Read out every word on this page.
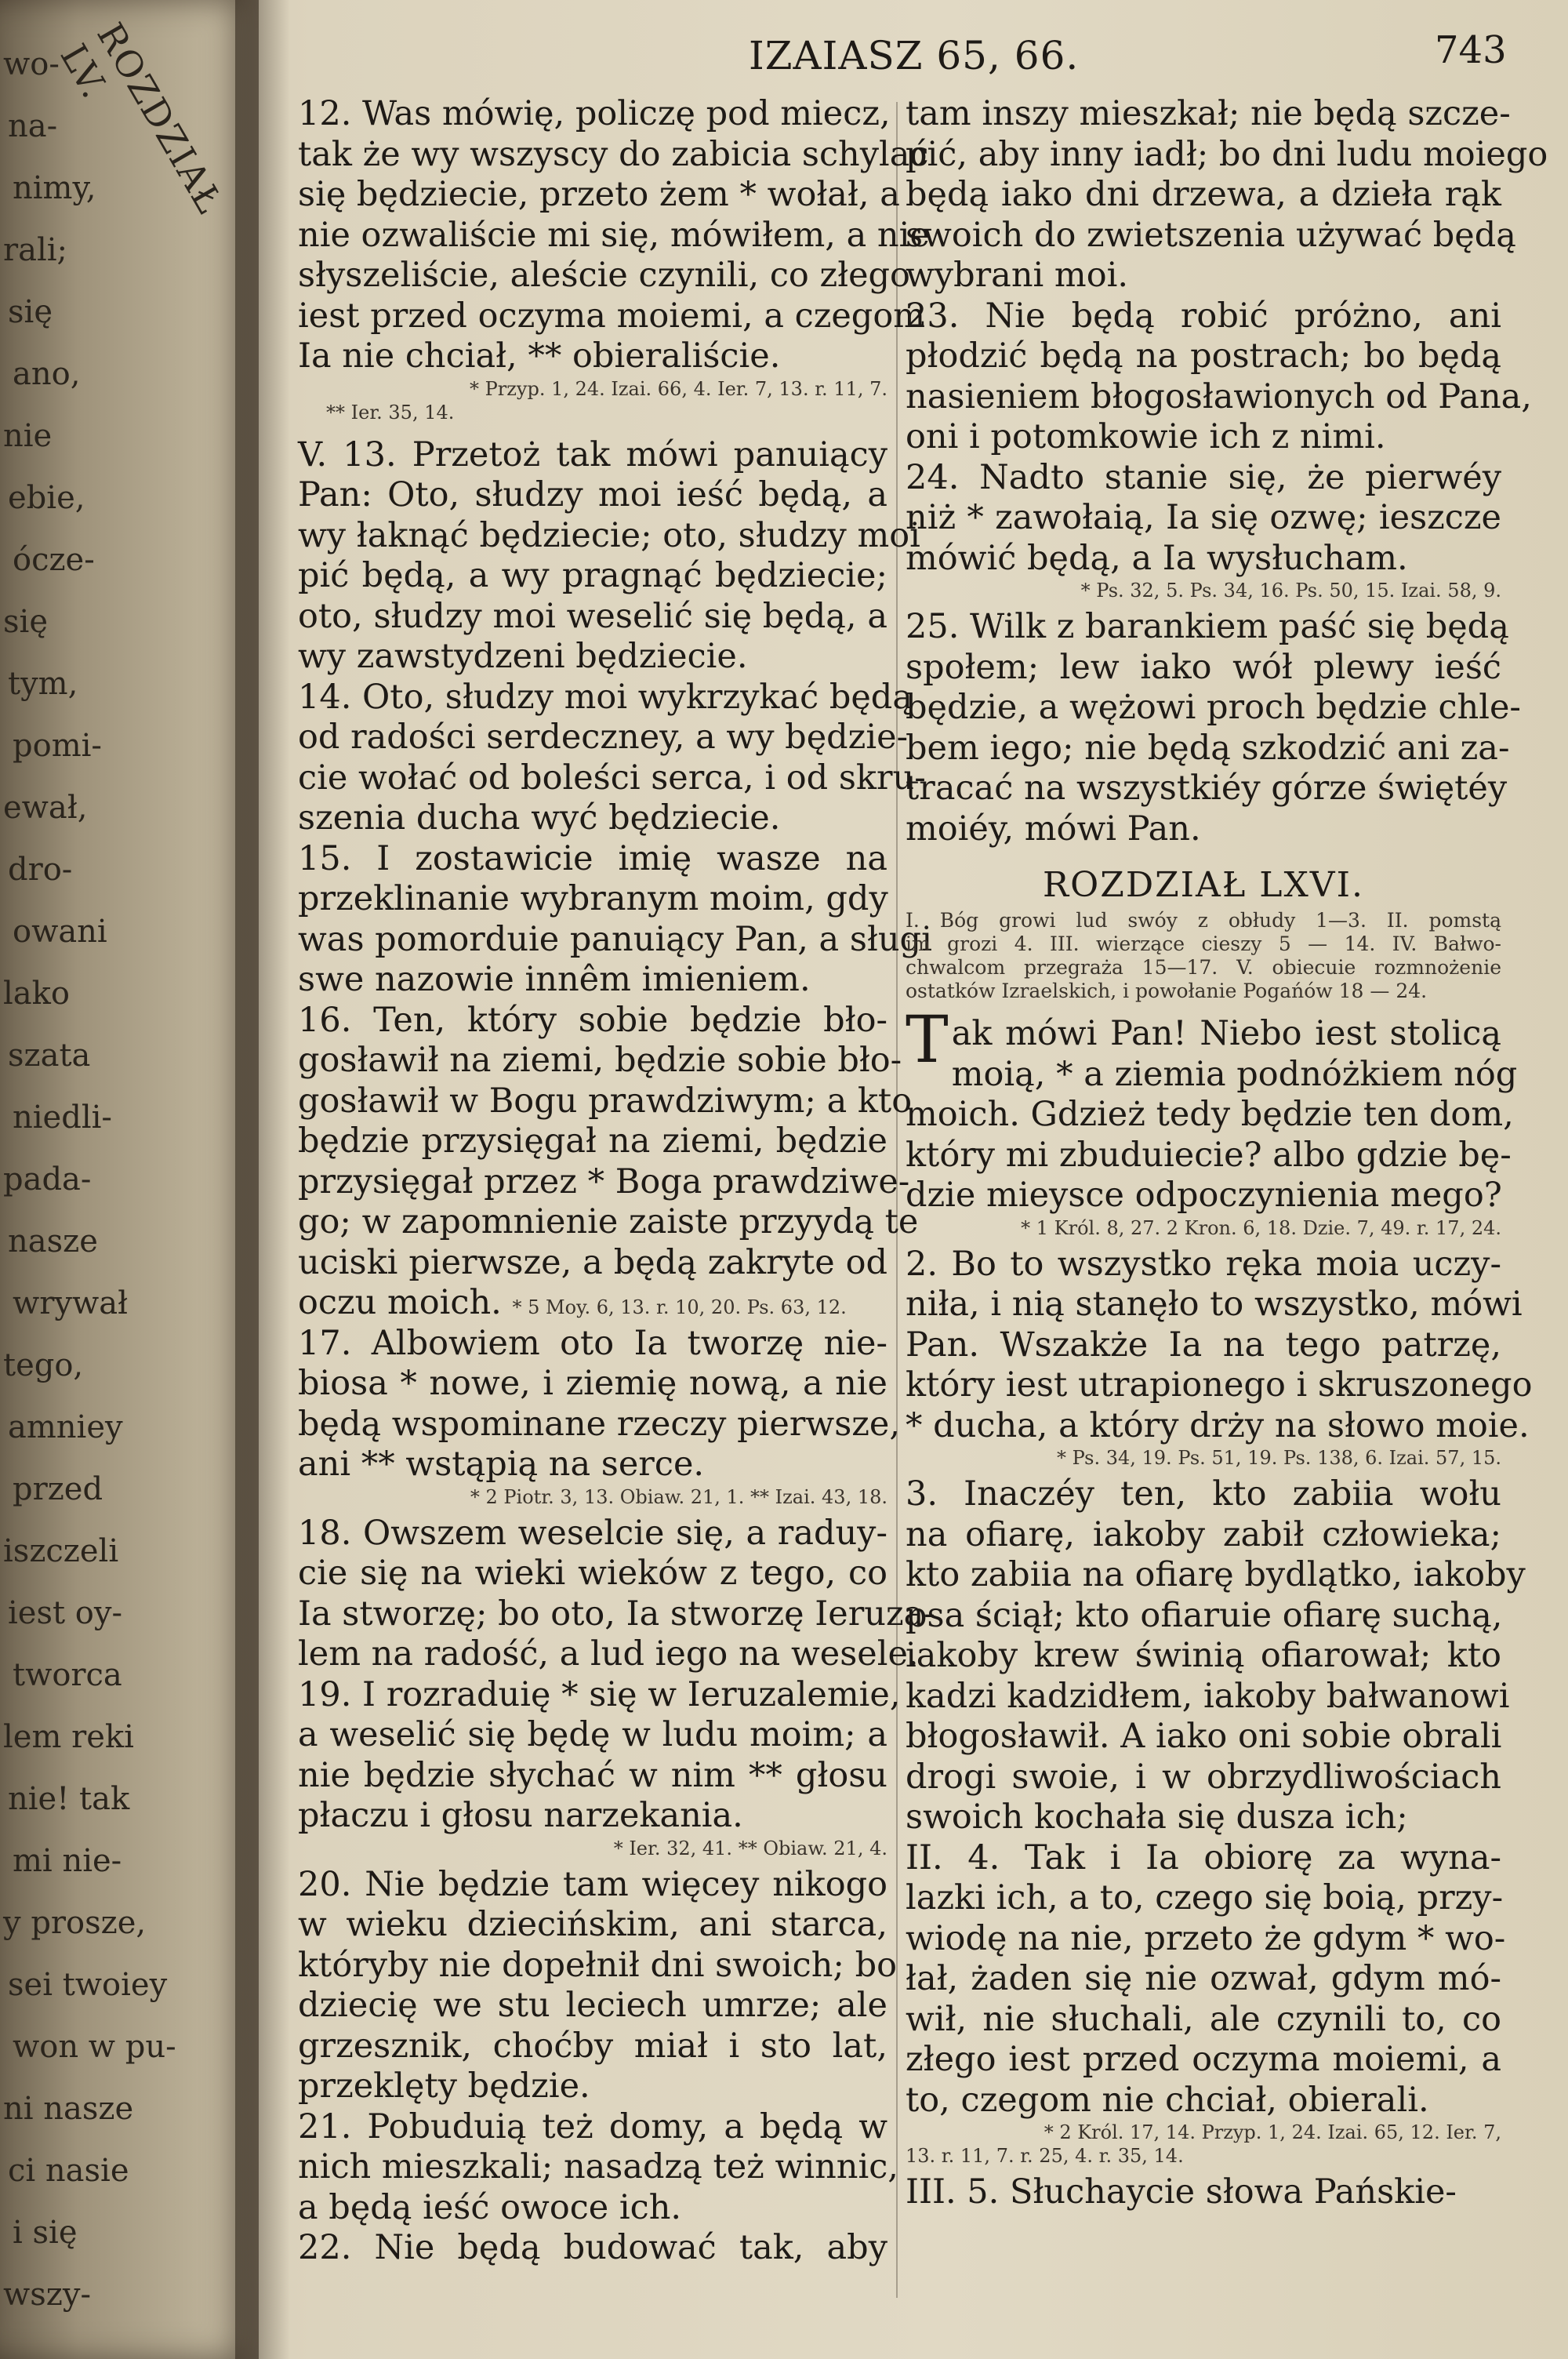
ROZDZIAŁ LV.
wo-
na-
nimy,
rali;
się
ano,
nie
ebie,
ócze-
się
tym,
pomi-
ewał,
dro-
owani
lako
szata
niedli-
pada-
nasze
wrywał
tego,
amniey
przed
iszczeli
iest oy-
tworca
lem reki
nie! tak
mi nie-
y prosze,
sei twoiey
won w pu-
ni nasze
ci nasie
i się
wszy-
IZAIASZ 65, 66.	743
12. Was mówię, policzę pod miecz,
tak że wy wszyscy do zabicia schylać
się będziecie, przeto żem * wołał, a
nie ozwaliście mi się, mówiłem, a nie
słyszeliście, aleście czynili, co złego
iest przed oczyma moiemi, a czegom
Ia nie chciał, ** obieraliście.
* Przyp. 1, 24. Izai. 66, 4. Ier. 7, 13. r. 11, 7.
** Ier. 35, 14.
V. 13. Przetoż tak mówi panuiący
Pan: Oto, słudzy moi ieść będą, a
wy łaknąć będziecie; oto, słudzy moi
pić będą, a wy pragnąć będziecie;
oto, słudzy moi weselić się będą, a
wy zawstydzeni będziecie.
14. Oto, słudzy moi wykrzykać będą
od radości serdeczney, a wy będzie-
cie wołać od boleści serca, i od skru-
szenia ducha wyć będziecie.
15. I zostawicie imię wasze na
przeklinanie wybranym moim, gdy
was pomorduie panuiący Pan, a sługi
swe nazowie innêm imieniem.
16. Ten, który sobie będzie bło-
gosławił na ziemi, będzie sobie bło-
gosławił w Bogu prawdziwym; a kto
będzie przysięgał na ziemi, będzie
przysięgał przez * Boga prawdziwe-
go; w zapomnienie zaiste przyydą te
uciski pierwsze, a będą zakryte od
oczu moich. * 5 Moy. 6, 13. r. 10, 20. Ps. 63, 12.
17. Albowiem oto Ia tworzę nie-
biosa * nowe, i ziemię nową, a nie
będą wspominane rzeczy pierwsze,
ani ** wstąpią na serce.
* 2 Piotr. 3, 13. Obiaw. 21, 1. ** Izai. 43, 18.
18. Owszem weselcie się, a raduy-
cie się na wieki wieków z tego, co
Ia stworzę; bo oto, Ia stworzę Ieruza-
lem na radość, a lud iego na wesele.
19. I rozraduię * się w Ieruzalemie,
a weselić się będę w ludu moim; a
nie będzie słychać w nim ** głosu
płaczu i głosu narzekania.
* Ier. 32, 41. ** Obiaw. 21, 4.
20. Nie będzie tam więcey nikogo
w wieku dziecińskim, ani starca,
któryby nie dopełnił dni swoich; bo
dziecię we stu leciech umrze; ale
grzesznik, choćby miał i sto lat,
przeklęty będzie.
21. Pobuduią też domy, a będą w
nich mieszkali; nasadzą też winnic,
a będą ieść owoce ich.
22. Nie będą budować tak, aby
tam inszy mieszkał; nie będą szcze-
pić, aby inny iadł; bo dni ludu moiego
będą iako dni drzewa, a dzieła rąk
swoich do zwietszenia używać będą
wybrani moi.
23. Nie będą robić próżno, ani
płodzić będą na postrach; bo będą
nasieniem błogosławionych od Pana,
oni i potomkowie ich z nimi.
24. Nadto stanie się, że pierwéy
niż * zawołaią, Ia się ozwę; ieszcze
mówić będą, a Ia wysłucham.
* Ps. 32, 5. Ps. 34, 16. Ps. 50, 15. Izai. 58, 9.
25. Wilk z barankiem paść się będą
społem; lew iako wół plewy ieść
będzie, a wężowi proch będzie chle-
bem iego; nie będą szkodzić ani za-
tracać na wszystkiéy górze świętéy
moiéy, mówi Pan.
ROZDZIAŁ LXVI.
I. Bóg growi lud swóy z obłudy 1—3. II. pomstą
im grozi 4. III. wierzące cieszy 5 — 14. IV. Bałwo-
chwalcom przegraża 15—17. V. obiecuie rozmnożenie
ostatków Izraelskich, i powołanie Pogańów 18 — 24.
Tak mówi Pan! Niebo iest stolicą
moią, * a ziemia podnóżkiem nóg
moich. Gdzież tedy będzie ten dom,
który mi zbuduiecie? albo gdzie bę-
dzie mieysce odpoczynienia mego?
* 1 Król. 8, 27. 2 Kron. 6, 18. Dzie. 7, 49. r. 17, 24.
2. Bo to wszystko ręka moia uczy-
niła, i nią stanęło to wszystko, mówi
Pan. Wszakże Ia na tego patrzę,
który iest utrapionego i skruszonego
* ducha, a który drży na słowo moie.
* Ps. 34, 19. Ps. 51, 19. Ps. 138, 6. Izai. 57, 15.
3. Inaczéy ten, kto zabiia wołu
na ofiarę, iakoby zabił człowieka;
kto zabiia na ofiarę bydlątko, iakoby
psa ściął; kto ofiaruie ofiarę suchą,
iakoby krew świnią ofiarował; kto
kadzi kadzidłem, iakoby bałwanowi
błogosławił. A iako oni sobie obrali
drogi swoie, i w obrzydliwościach
swoich kochała się dusza ich;
II. 4. Tak i Ia obiorę za wyna-
lazki ich, a to, czego się boią, przy-
wiodę na nie, przeto że gdym * wo-
łał, żaden się nie ozwał, gdym mó-
wił, nie słuchali, ale czynili to, co
złego iest przed oczyma moiemi, a
to, czegom nie chciał, obierali.
* 2 Król. 17, 14. Przyp. 1, 24. Izai. 65, 12. Ier. 7,
13. r. 11, 7. r. 25, 4. r. 35, 14.
III. 5. Słuchaycie słowa Pańskie-
